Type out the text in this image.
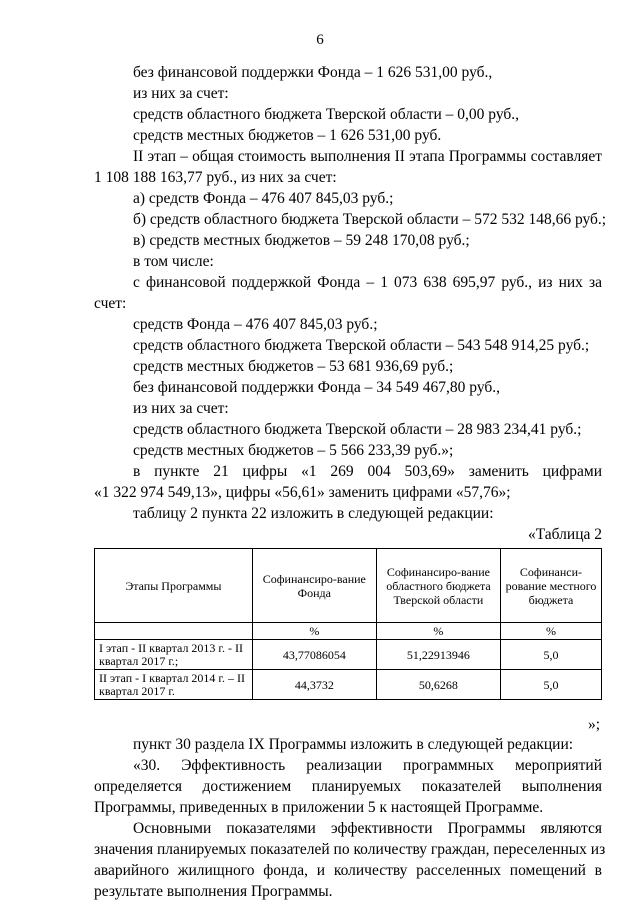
6
без финансовой поддержки Фонда – 1 626 531,00 руб.,
из них за счет:
средств областного бюджета Тверской области – 0,00 руб.,
средств местных бюджетов – 1 626 531,00 руб.
II этап – общая стоимость выполнения II этапа Программы составляет
1 108 188 163,77 руб., из них за счет:
а) средств Фонда – 476 407 845,03 руб.;
б) средств областного бюджета Тверской области – 572 532 148,66 руб.;
в) средств местных бюджетов – 59 248 170,08 руб.;
в том числе:
с финансовой поддержкой Фонда – 1 073 638 695,97 руб., из них за
счет:
средств Фонда – 476 407 845,03 руб.;
средств областного бюджета Тверской области – 543 548 914,25 руб.;
средств местных бюджетов – 53 681 936,69 руб.;
без финансовой поддержки Фонда – 34 549 467,80 руб.,
из них за счет:
средств областного бюджета Тверской области – 28 983 234,41 руб.;
средств местных бюджетов – 5 566 233,39 руб.»;
в пункте 21 цифры «1 269 004 503,69» заменить цифрами
«1 322 974 549,13», цифры «56,61» заменить цифрами «57,76»;
таблицу 2 пункта 22 изложить в следующей редакции:
«Таблица 2
Этапы Программы	Софинансиро-вание Фонда	Софинансиро-вание областного бюджета Тверской области	Софинанси-рование местного бюджета
	%	%	%
I этап - II квартал 2013 г. - II квартал 2017 г.;	43,77086054	51,22913946	5,0
II этап - I квартал 2014 г. – II квартал 2017 г.	44,3732	50,6268	5,0
»;
пункт 30 раздела IX Программы изложить в следующей редакции:
«30. Эффективность реализации программных мероприятий
определяется достижением планируемых показателей выполнения
Программы, приведенных в приложении 5 к настоящей Программе.
Основными показателями эффективности Программы являются
значения планируемых показателей по количеству граждан, переселенных из
аварийного жилищного фонда, и количеству расселенных помещений в
результате выполнения Программы.
